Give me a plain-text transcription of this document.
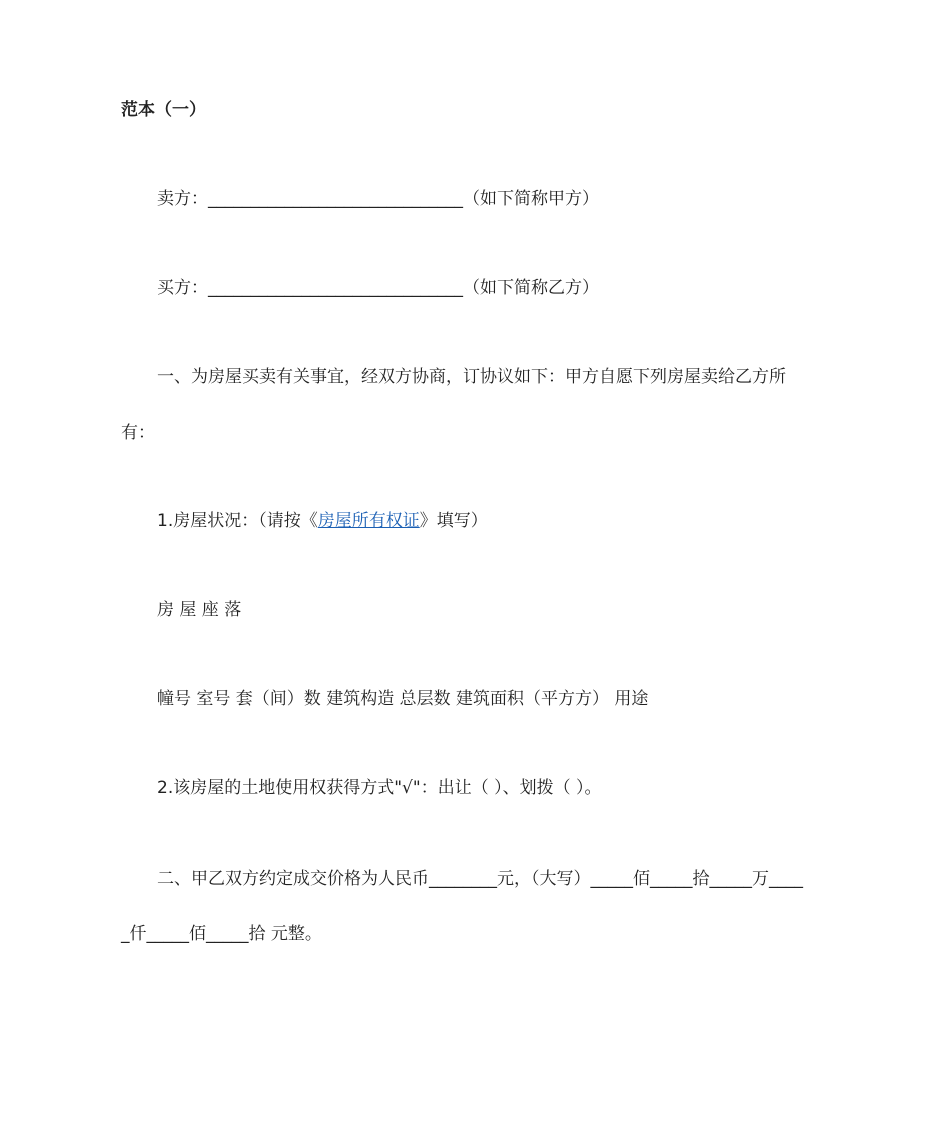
范本（一）
卖方：______________________________（如下简称甲方）
买方：______________________________（如下简称乙方）
一、为房屋买卖有关事宜，经双方协商，订协议如下：甲方自愿下列房屋卖给乙方所
有：
1.房屋状况：（请按《房屋所有权证》填写）
房 屋 座 落
幢号 室号 套（间）数 建筑构造 总层数 建筑面积（平方方） 用途
2.该房屋的土地使用权获得方式"√"：出让（ ）、划拨（ ）。
二、甲乙双方约定成交价格为人民币________元，（大写）_____佰_____拾_____万____
_仟_____佰_____拾 元整。
